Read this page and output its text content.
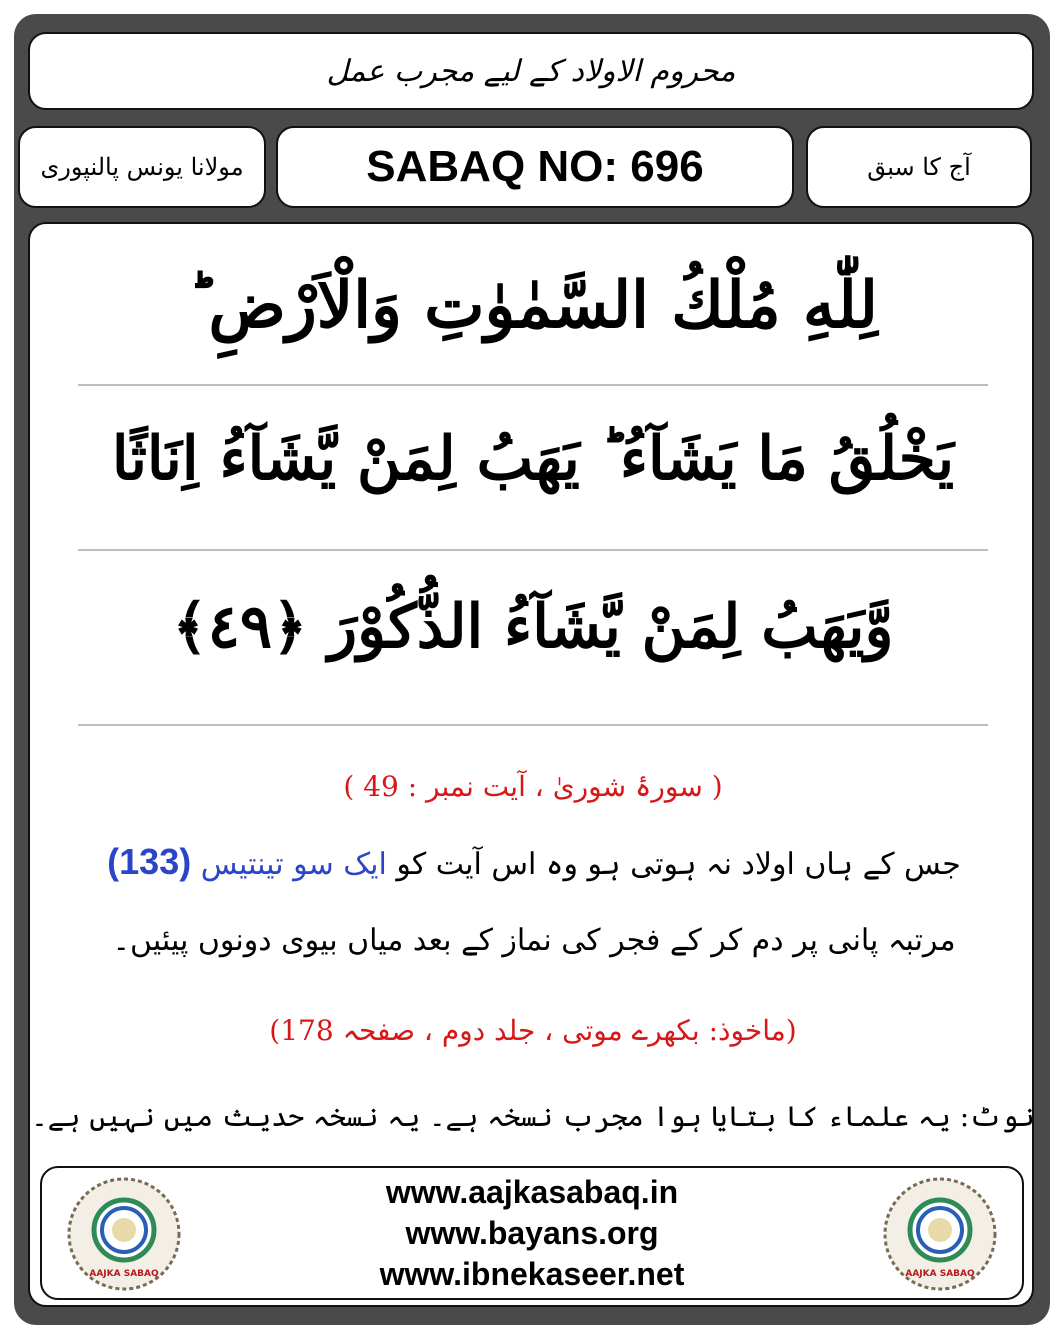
محروم الاولاد کے لیے مجرب عمل
مولانا یونس پالنپوری	SABAQ NO: 696	آج کا سبق
لِلّٰهِ مُلْكُ السَّمٰوٰتِ وَالْاَرْضِ ؕ
يَخْلُقُ مَا يَشَآءُ ؕ يَهَبُ لِمَنْ يَّشَآءُ اِنَاثًا
وَّيَهَبُ لِمَنْ يَّشَآءُ الذُّكُوْرَ ﴿٤٩﴾
( سورۂ شوریٰ ، آیت نمبر : 49 )
جس کے ہاں اولاد نہ ہوتی ہو وہ اس آیت کو ایک سو تینتیس (133) مرتبہ پانی پر دم کر کے فجر کی نماز کے بعد میاں بیوی دونوں پیئیں۔
(ماخوذ: بکھرے موتی ، جلد دوم ، صفحہ 178)
نوٹ: یہ علماء کا بتایا ہوا مجرب نسخہ ہے۔ یہ نسخہ حدیث میں نہیں ہے۔
AAJKA SABAQ
www.aajkasabaq.in
www.bayans.org
www.ibnekaseer.net	AAJKA SABAQ
